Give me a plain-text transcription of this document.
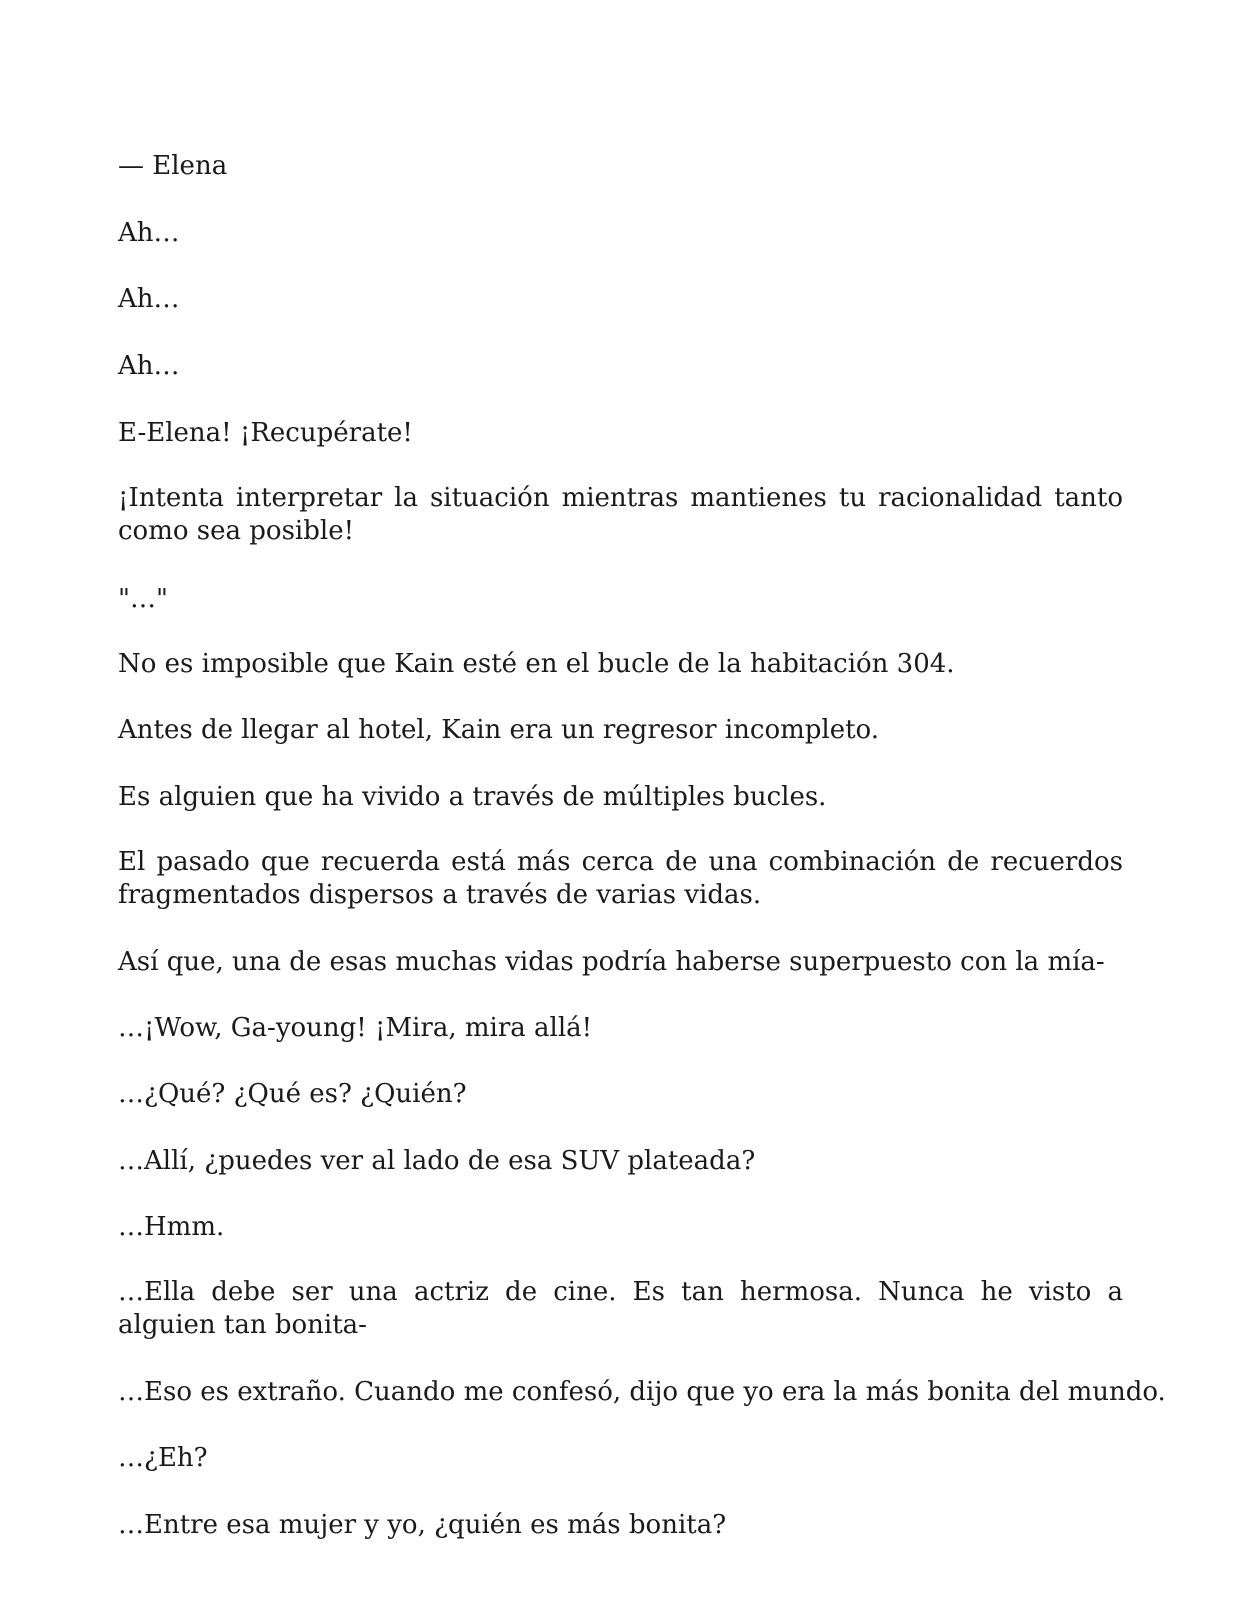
— Elena

Ah…

Ah…

Ah…

E-Elena! ¡Recupérate!

¡Intenta interpretar la situación mientras mantienes tu racionalidad tanto como sea posible!

"…"

No es imposible que Kain esté en el bucle de la habitación 304.

Antes de llegar al hotel, Kain era un regresor incompleto.

Es alguien que ha vivido a través de múltiples bucles.

El pasado que recuerda está más cerca de una combinación de recuerdos fragmentados dispersos a través de varias vidas.

Así que, una de esas muchas vidas podría haberse superpuesto con la mía-

…¡Wow, Ga-young! ¡Mira, mira allá!

…¿Qué? ¿Qué es? ¿Quién?

…Allí, ¿puedes ver al lado de esa SUV plateada?

…Hmm.

…Ella debe ser una actriz de cine. Es tan hermosa. Nunca he visto a alguien tan bonita-

…Eso es extraño. Cuando me confesó, dijo que yo era la más bonita del mundo.

…¿Eh?

…Entre esa mujer y yo, ¿quién es más bonita?
